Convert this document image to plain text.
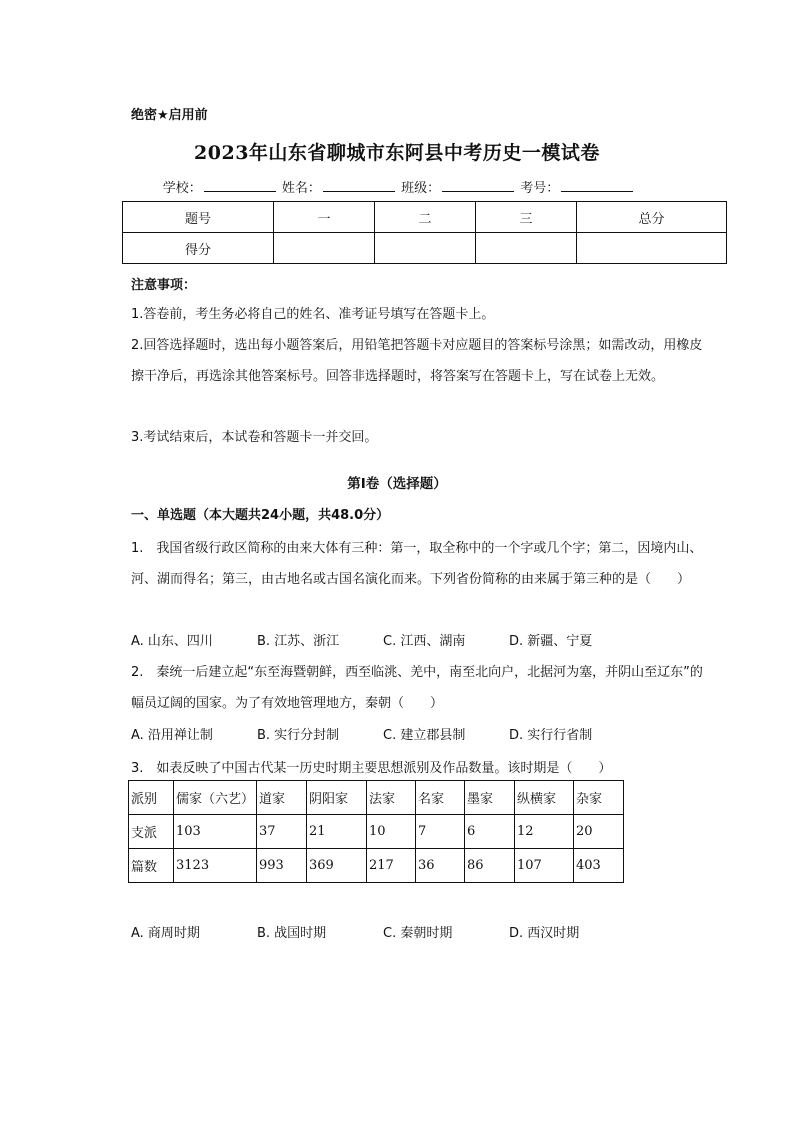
绝密★启用前
2023年山东省聊城市东阿县中考历史一模试卷
学校：	姓名：	班级：	考号：
题号	一	二	三	总分
得分				
注意事项：
1.答卷前，考生务必将自己的姓名、准考证号填写在答题卡上。
2.回答选择题时，选出每小题答案后，用铅笔把答题卡对应题目的答案标号涂黑；如需改动，用橡皮擦干净后，再选涂其他答案标号。回答非选择题时，将答案写在答题卡上，写在试卷上无效。
3.考试结束后，本试卷和答题卡一并交回。
第Ⅰ卷（选择题）
一、单选题（本大题共24小题，共48.0分）
1.　我国省级行政区简称的由来大体有三种：第一，取全称中的一个字或几个字；第二，因境内山、河、湖而得名；第三，由古地名或古国名演化而来。下列省份简称的由来属于第三种的是（　　）
A. 山东、四川	B. 江苏、浙江	C. 江西、湖南	D. 新疆、宁夏
2.　秦统一后建立起“东至海暨朝鲜，西至临洮、羌中，南至北向户，北据河为塞，并阴山至辽东”的幅员辽阔的国家。为了有效地管理地方，秦朝（　　）
A. 沿用禅让制	B. 实行分封制	C. 建立郡县制	D. 实行行省制
3.　如表反映了中国古代某一历史时期主要思想派别及作品数量。该时期是（　　）
派别	儒家（六艺）	道家	阴阳家	法家	名家	墨家	纵横家	杂家
支派	103	37	21	10	7	6	12	20
篇数	3123	993	369	217	36	86	107	403
A. 商周时期	B. 战国时期	C. 秦朝时期	D. 西汉时期
